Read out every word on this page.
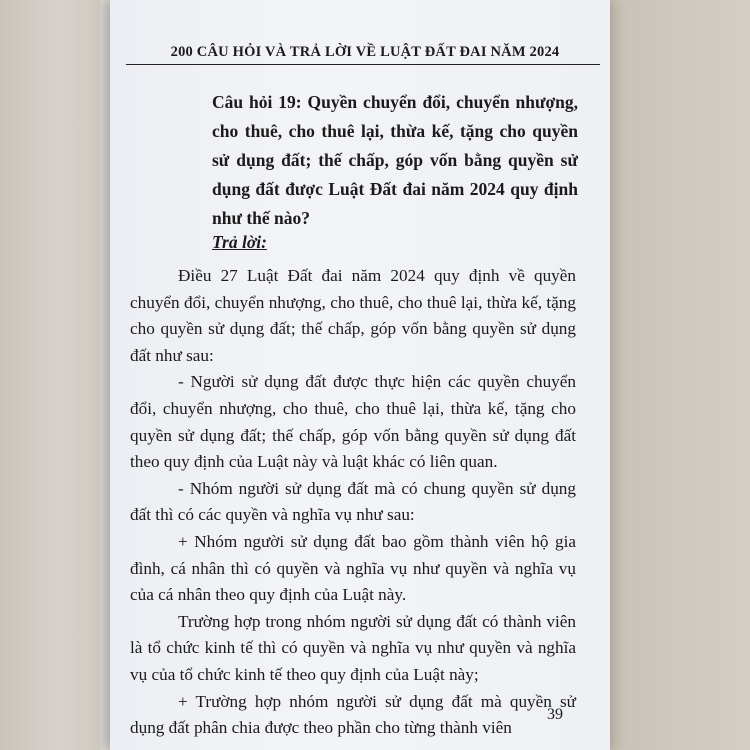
200 CÂU HỎI VÀ TRẢ LỜI VỀ LUẬT ĐẤT ĐAI NĂM 2024
Câu hỏi 19: Quyền chuyển đổi, chuyển nhượng, cho thuê, cho thuê lại, thừa kế, tặng cho quyền sử dụng đất; thế chấp, góp vốn bằng quyền sử dụng đất được Luật Đất đai năm 2024 quy định như thế nào?
Trả lời:

Điều 27 Luật Đất đai năm 2024 quy định về quyền chuyển đổi, chuyển nhượng, cho thuê, cho thuê lại, thừa kế, tặng cho quyền sử dụng đất; thế chấp, góp vốn bằng quyền sử dụng đất như sau:

- Người sử dụng đất được thực hiện các quyền chuyển đổi, chuyển nhượng, cho thuê, cho thuê lại, thừa kế, tặng cho quyền sử dụng đất; thế chấp, góp vốn bằng quyền sử dụng đất theo quy định của Luật này và luật khác có liên quan.

- Nhóm người sử dụng đất mà có chung quyền sử dụng đất thì có các quyền và nghĩa vụ như sau:

+ Nhóm người sử dụng đất bao gồm thành viên hộ gia đình, cá nhân thì có quyền và nghĩa vụ như quyền và nghĩa vụ của cá nhân theo quy định của Luật này.

Trường hợp trong nhóm người sử dụng đất có thành viên là tổ chức kinh tế thì có quyền và nghĩa vụ như quyền và nghĩa vụ của tổ chức kinh tế theo quy định của Luật này;

+ Trường hợp nhóm người sử dụng đất mà quyền sử dụng đất phân chia được theo phần cho từng thành viên

39
